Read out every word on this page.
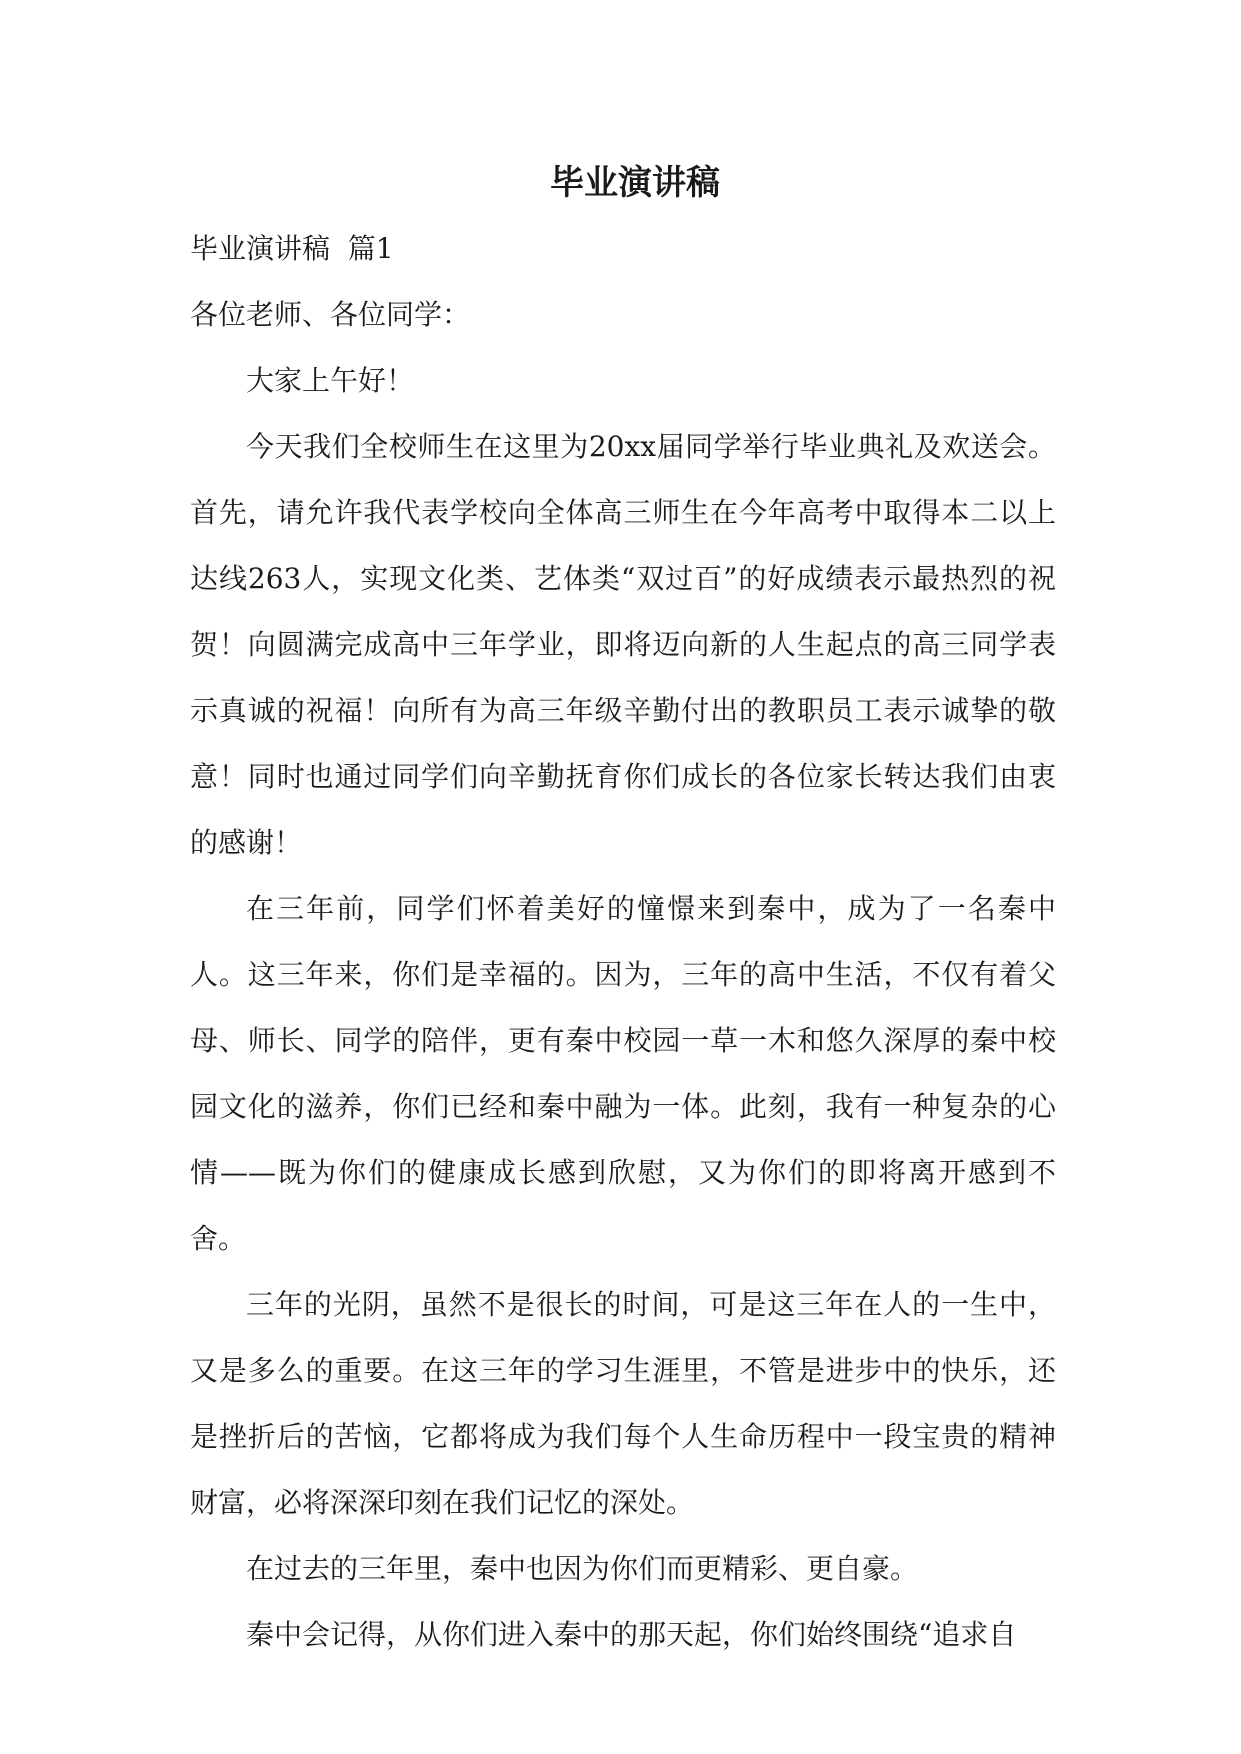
毕业演讲稿

毕业演讲稿  篇1

各位老师、各位同学：

大家上午好！

今天我们全校师生在这里为20xx届同学举行毕业典礼及欢送会。首先，请允许我代表学校向全体高三师生在今年高考中取得本二以上达线263人，实现文化类、艺体类“双过百”的好成绩表示最热烈的祝贺！向圆满完成高中三年学业，即将迈向新的人生起点的高三同学表示真诚的祝福！向所有为高三年级辛勤付出的教职员工表示诚挚的敬意！同时也通过同学们向辛勤抚育你们成长的各位家长转达我们由衷的感谢！

在三年前，同学们怀着美好的憧憬来到秦中，成为了一名秦中人。这三年来，你们是幸福的。因为，三年的高中生活，不仅有着父母、师长、同学的陪伴，更有秦中校园一草一木和悠久深厚的秦中校园文化的滋养，你们已经和秦中融为一体。此刻，我有一种复杂的心情——既为你们的健康成长感到欣慰，又为你们的即将离开感到不舍。

三年的光阴，虽然不是很长的时间，可是这三年在人的一生中，又是多么的重要。在这三年的学习生涯里，不管是进步中的快乐，还是挫折后的苦恼，它都将成为我们每个人生命历程中一段宝贵的精神财富，必将深深印刻在我们记忆的深处。

在过去的三年里，秦中也因为你们而更精彩、更自豪。

秦中会记得，从你们进入秦中的那天起，你们始终围绕“追求自
